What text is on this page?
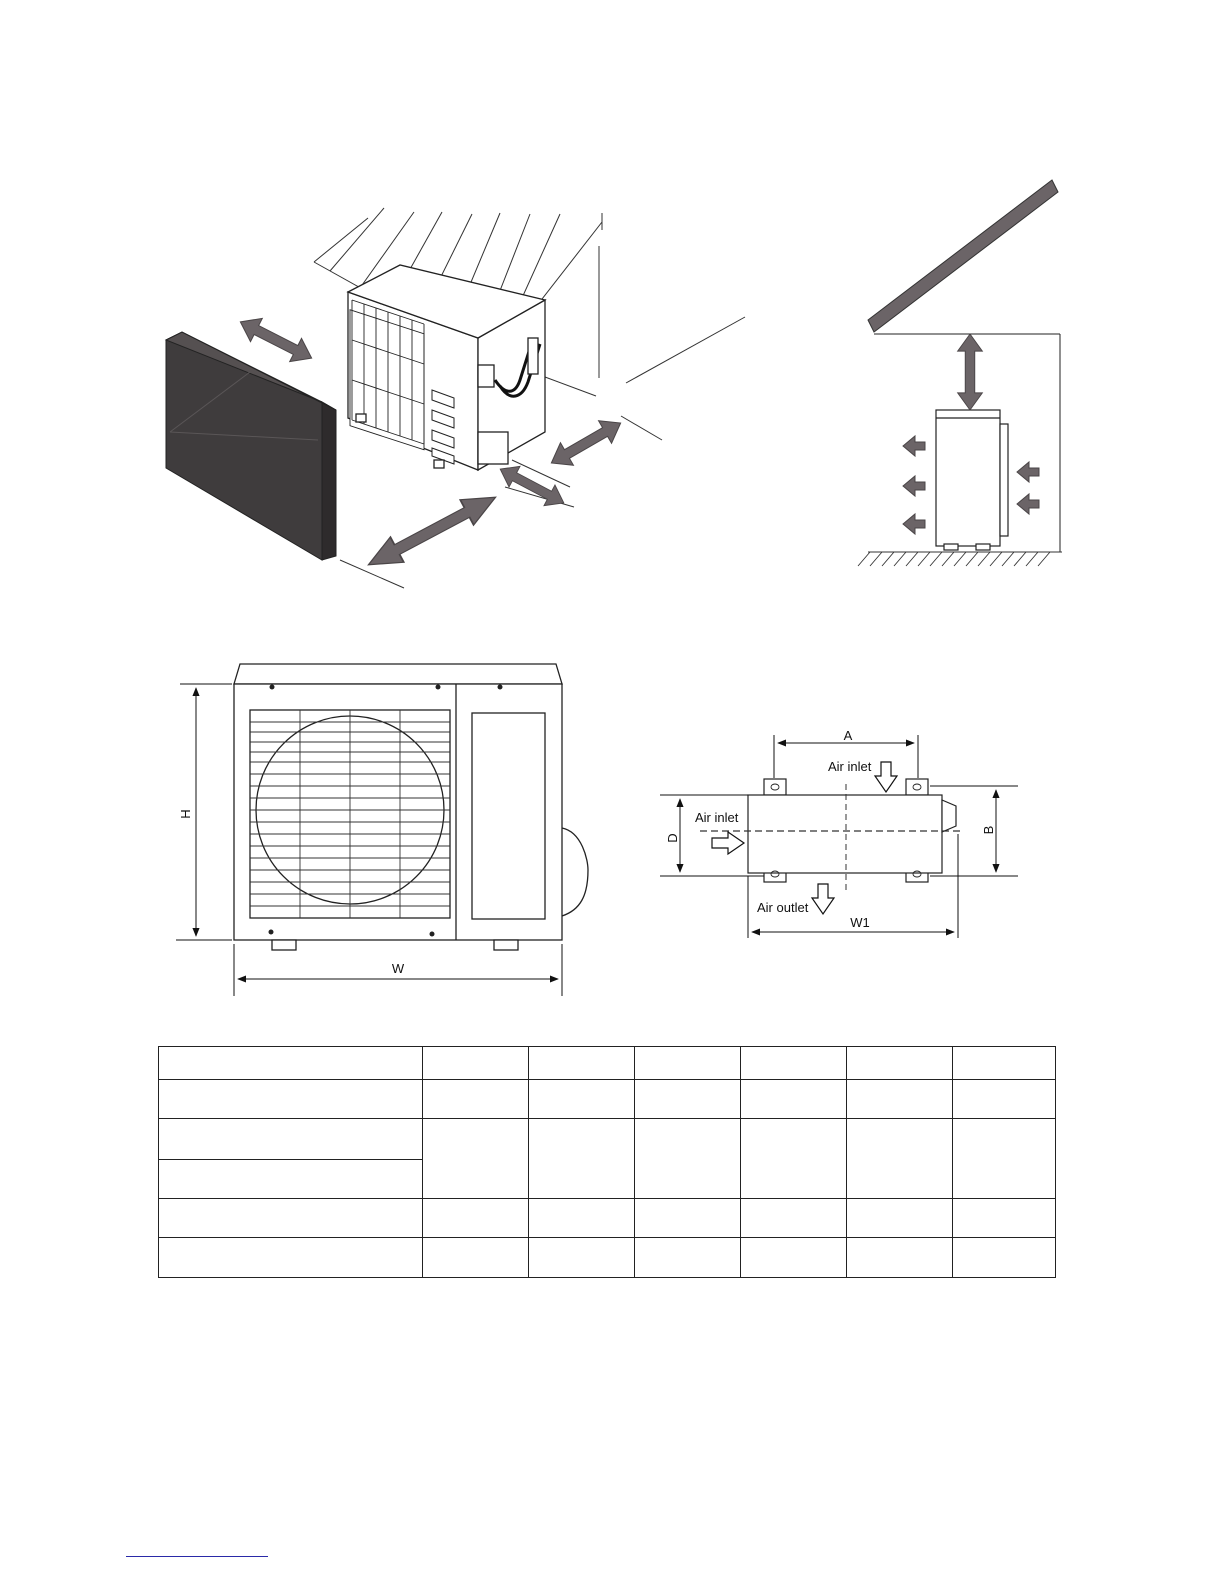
H
W
A
D
B
W1
Air inlet
Air inlet
Air outlet
